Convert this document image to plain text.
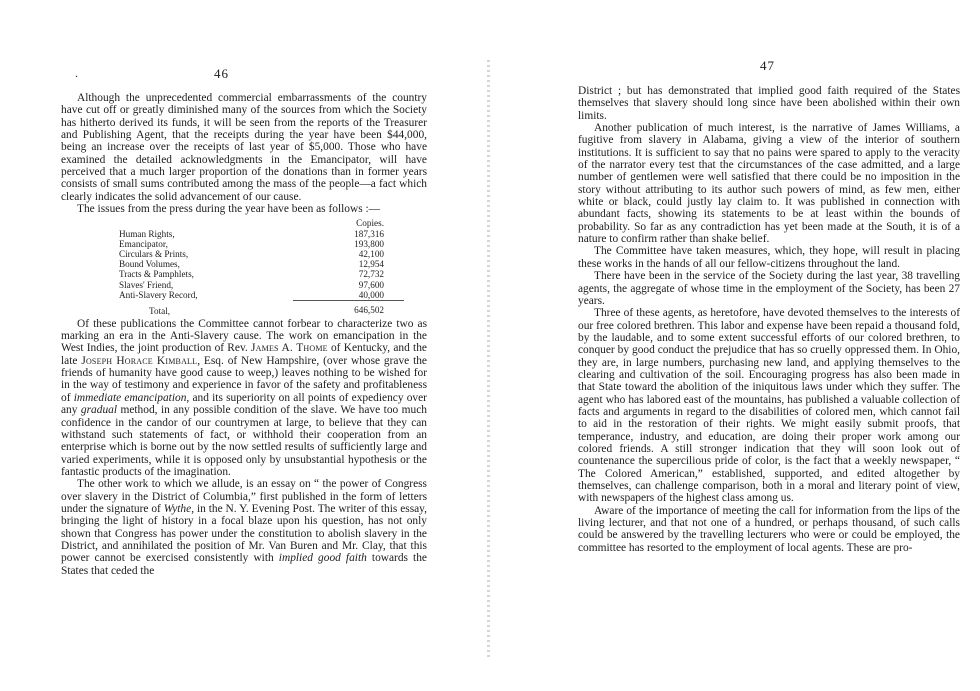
.	46

Although the unprecedented commercial embarrassments of the country have cut off or greatly diminished many of the sources from which the Society has hitherto derived its funds, it will be seen from the reports of the Treasurer and Publishing Agent, that the receipts during the year have been $44,000, being an increase over the receipts of last year of $5,000. Those who have examined the detailed acknowledgments in the Emancipator, will have perceived that a much larger proportion of the donations than in former years consists of small sums contributed among the mass of the people—a fact which clearly indicates the solid advancement of our cause.

The issues from the press during the year have been as follows :—

	Copies.
Human Rights,	187,316
Emancipator,	193,800
Circulars & Prints,	42,100
Bound Volumes,	12,954
Tracts & Pamphlets,	72,732
Slaves' Friend,	97,600
Anti-Slavery Record,	40,000
Total,	646,502

Of these publications the Committee cannot forbear to characterize two as marking an era in the Anti-Slavery cause. The work on emancipation in the West Indies, the joint production of Rev. James A. Thome of Kentucky, and the late Joseph Horace Kimball, Esq. of New Hampshire, (over whose grave the friends of humanity have good cause to weep,) leaves nothing to be wished for in the way of testimony and experience in favor of the safety and profitableness of immediate emancipation, and its superiority on all points of expediency over any gradual method, in any possible condition of the slave. We have too much confidence in the candor of our countrymen at large, to believe that they can withstand such statements of fact, or withhold their cooperation from an enterprise which is borne out by the now settled results of sufficiently large and varied experiments, while it is opposed only by unsubstantial hypothesis or the fantastic products of the imagination.

The other work to which we allude, is an essay on “ the power of Congress over slavery in the District of Columbia,” first published in the form of letters under the signature of Wythe, in the N. Y. Evening Post. The writer of this essay, bringing the light of history in a focal blaze upon his question, has not only shown that Congress has power under the constitution to abolish slavery in the District, and annihilated the position of Mr. Van Buren and Mr. Clay, that this power cannot be exercised consistently with implied good faith towards the States that ceded the

47

District ; but has demonstrated that implied good faith required of the States themselves that slavery should long since have been abolished within their own limits.

Another publication of much interest, is the narrative of James Williams, a fugitive from slavery in Alabama, giving a view of the interior of southern institutions. It is sufficient to say that no pains were spared to apply to the veracity of the narrator every test that the circumstances of the case admitted, and a large number of gentlemen were well satisfied that there could be no imposition in the story without attributing to its author such powers of mind, as few men, either white or black, could justly lay claim to. It was published in connection with abundant facts, showing its statements to be at least within the bounds of probability. So far as any contradiction has yet been made at the South, it is of a nature to confirm rather than shake belief.

The Committee have taken measures, which, they hope, will result in placing these works in the hands of all our fellow-citizens throughout the land.

There have been in the service of the Society during the last year, 38 travelling agents, the aggregate of whose time in the employment of the Society, has been 27 years.

Three of these agents, as heretofore, have devoted themselves to the interests of our free colored brethren. This labor and expense have been repaid a thousand fold, by the laudable, and to some extent successful efforts of our colored brethren, to conquer by good conduct the prejudice that has so cruelly oppressed them. In Ohio, they are, in large numbers, purchasing new land, and applying themselves to the clearing and cultivation of the soil. Encouraging progress has also been made in that State toward the abolition of the iniquitous laws under which they suffer. The agent who has labored east of the mountains, has published a valuable collection of facts and arguments in regard to the disabilities of colored men, which cannot fail to aid in the restoration of their rights. We might easily submit proofs, that temperance, industry, and education, are doing their proper work among our colored friends. A still stronger indication that they will soon look out of countenance the supercilious pride of color, is the fact that a weekly newspaper, “ The Colored American,” established, supported, and edited altogether by themselves, can challenge comparison, both in a moral and literary point of view, with newspapers of the highest class among us.

Aware of the importance of meeting the call for information from the lips of the living lecturer, and that not one of a hundred, or perhaps thousand, of such calls could be answered by the travelling lecturers who were or could be employed, the committee has resorted to the employment of local agents. These are pro-
